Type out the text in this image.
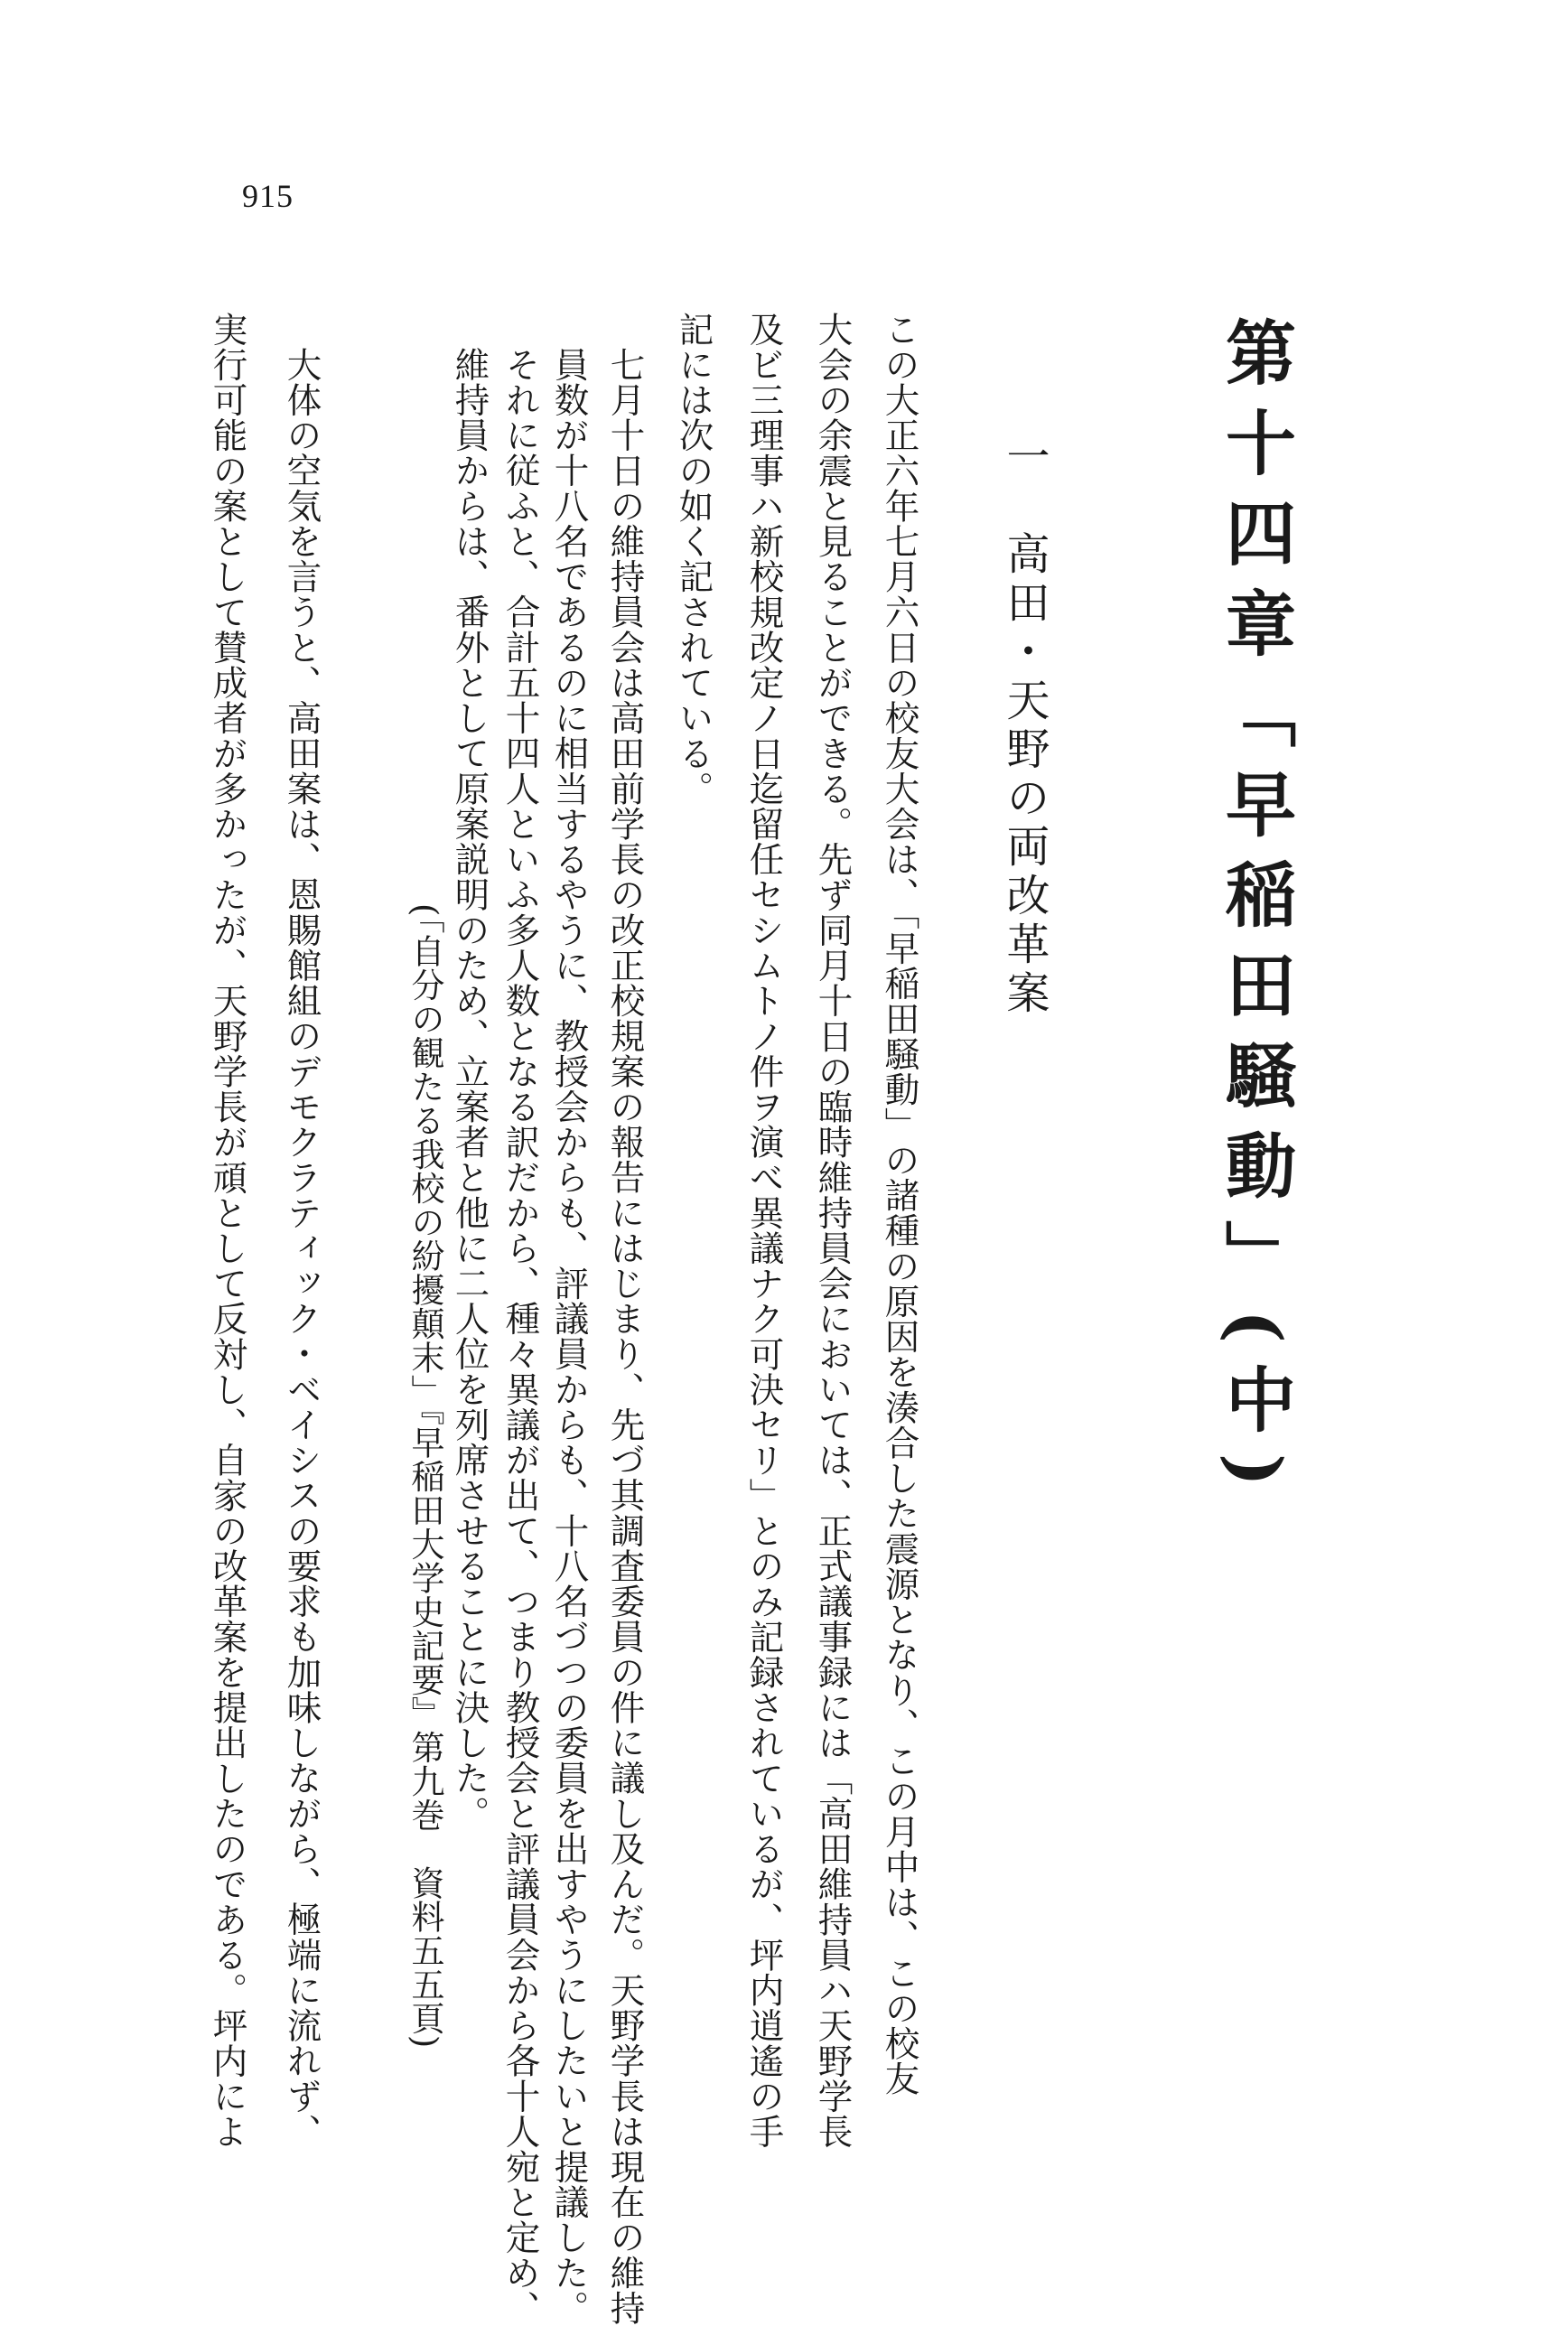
915
第十四章「早稲田騒動」(中)
一　高田・天野の両改革案
この大正六年七月六日の校友大会は、「早稲田騒動」の諸種の原因を湊合した震源となり、この月中は、この校友
大会の余震と見ることができる。先ず同月十日の臨時維持員会においては、正式議事録には「高田維持員ハ天野学長
及ビ三理事ハ新校規改定ノ日迄留任セシムトノ件ヲ演べ異議ナク可決セリ」とのみ記録されているが、坪内逍遙の手
記には次の如く記されている。
七月十日の維持員会は高田前学長の改正校規案の報告にはじまり、先づ其調査委員の件に議し及んだ。天野学長は現在の維持
員数が十八名であるのに相当するやうに、教授会からも、評議員からも、十八名づつの委員を出すやうにしたいと提議した。
それに従ふと、合計五十四人といふ多人数となる訳だから、種々異議が出て、つまり教授会と評議員会から各十人宛と定め、
維持員からは、番外として原案説明のため、立案者と他に二人位を列席させることに決した。
(「自分の観たる我校の紛擾顛末」『早稲田大学史記要』第九巻　資料五五頁)
大体の空気を言うと、高田案は、恩賜館組のデモクラティック・ベイシスの要求も加味しながら、極端に流れず、
実行可能の案として賛成者が多かったが、天野学長が頑として反対し、自家の改革案を提出したのである。坪内によ
